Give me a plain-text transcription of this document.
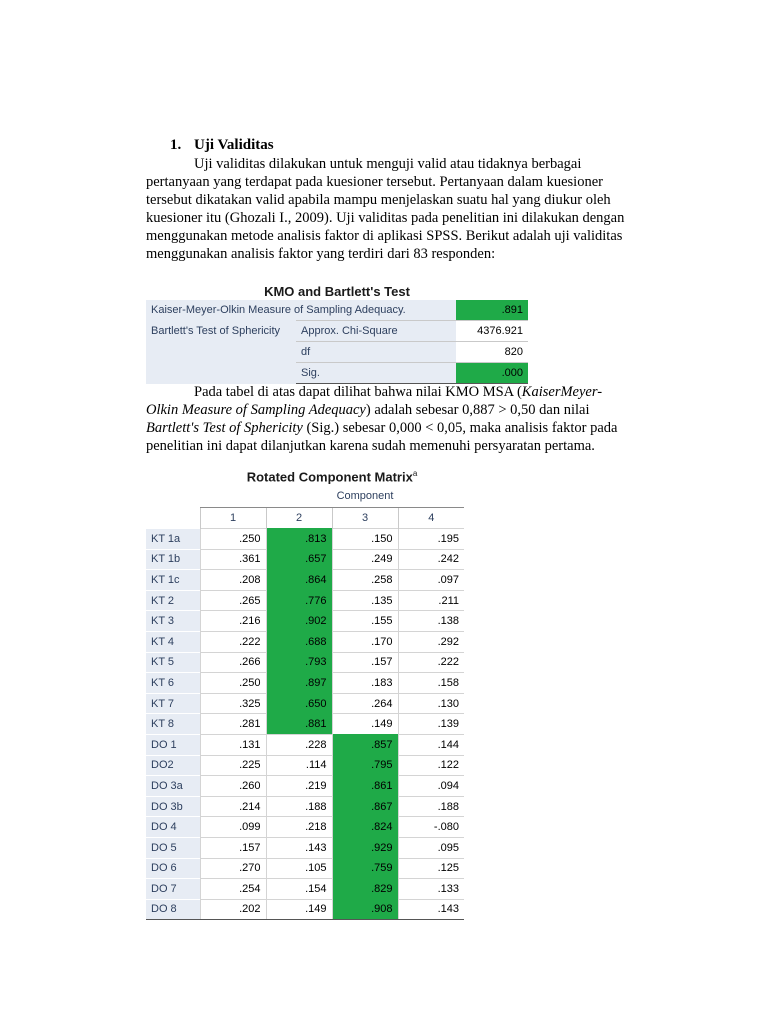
1. Uji Validitas
Uji validitas dilakukan untuk menguji valid atau tidaknya berbagai
pertanyaan yang terdapat pada kuesioner tersebut. Pertanyaan dalam kuesioner
tersebut dikatakan valid apabila mampu menjelaskan suatu hal yang diukur oleh
kuesioner itu (Ghozali I., 2009). Uji validitas pada penelitian ini dilakukan dengan
menggunakan metode analisis faktor di aplikasi SPSS. Berikut adalah uji validitas
menggunakan analisis faktor yang terdiri dari 83 responden:
KMO and Bartlett's Test
Kaiser-Meyer-Olkin Measure of Sampling Adequacy.		.891
Bartlett's Test of Sphericity	Approx. Chi-Square	4376.921
	df	820
	Sig.	.000
Pada tabel di atas dapat dilihat bahwa nilai KMO MSA (KaiserMeyer-
Olkin Measure of Sampling Adequacy) adalah sebesar 0,887 > 0,50 dan nilai
Bartlett's Test of Sphericity (Sig.) sebesar 0,000 < 0,05, maka analisis faktor pada
penelitian ini dapat dilanjutkan karena sudah memenuhi persyaratan pertama.
Rotated Component Matrix$^a$
Component
	1	2	3	4
KT 1a	.250	.813	.150	.195
KT 1b	.361	.657	.249	.242
KT 1c	.208	.864	.258	.097
KT 2	.265	.776	.135	.211
KT 3	.216	.902	.155	.138
KT 4	.222	.688	.170	.292
KT 5	.266	.793	.157	.222
KT 6	.250	.897	.183	.158
KT 7	.325	.650	.264	.130
KT 8	.281	.881	.149	.139
DO 1	.131	.228	.857	.144
DO2	.225	.114	.795	.122
DO 3a	.260	.219	.861	.094
DO 3b	.214	.188	.867	.188
DO 4	.099	.218	.824	-.080
DO 5	.157	.143	.929	.095
DO 6	.270	.105	.759	.125
DO 7	.254	.154	.829	.133
DO 8	.202	.149	.908	.143
